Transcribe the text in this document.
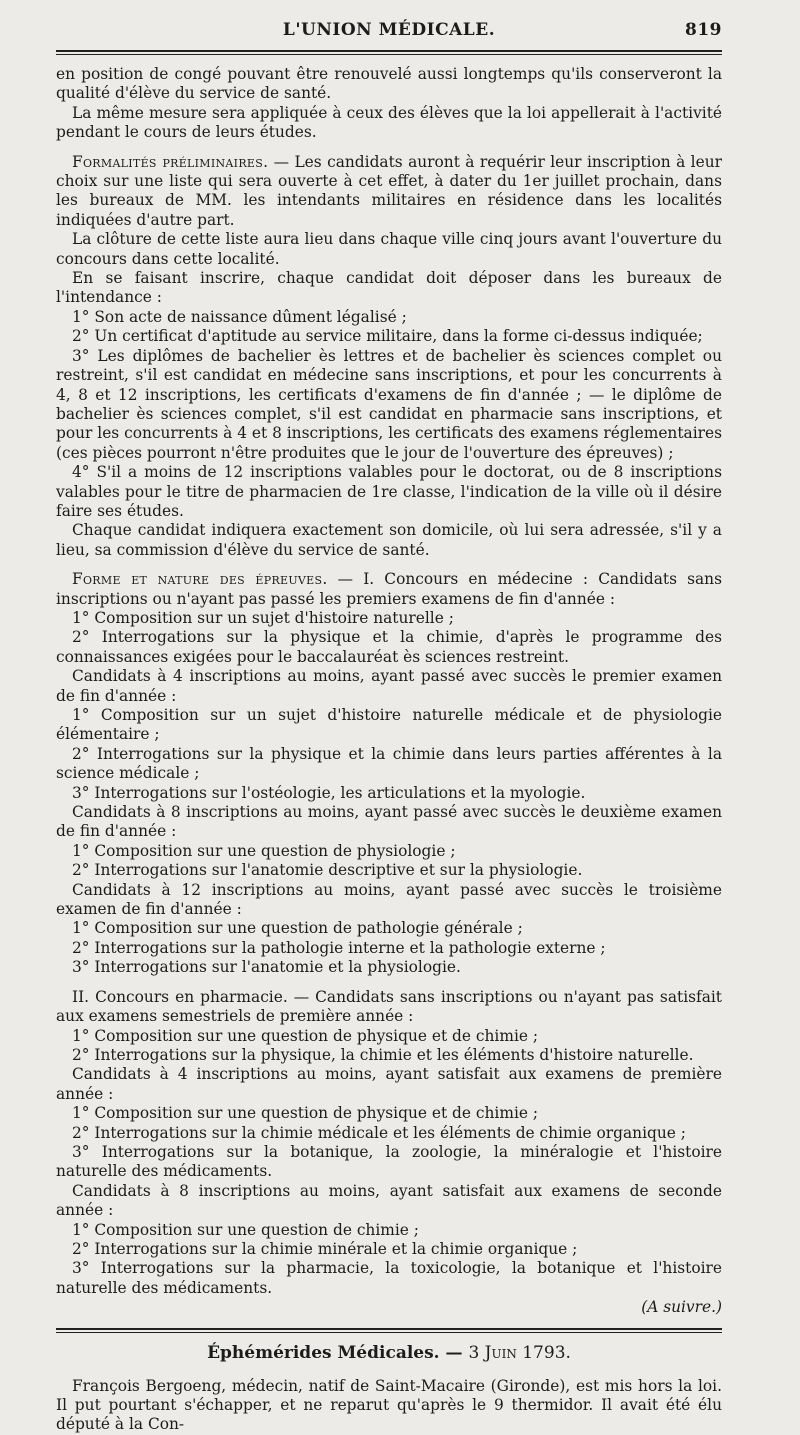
L'UNION MÉDICALE.	819

en position de congé pouvant être renouvelé aussi longtemps qu'ils conserveront la qualité d'élève du service de santé.

La même mesure sera appliquée à ceux des élèves que la loi appellerait à l'activité pendant le cours de leurs études.

Formalités préliminaires. — Les candidats auront à requérir leur inscription à leur choix sur une liste qui sera ouverte à cet effet, à dater du 1er juillet prochain, dans les bureaux de MM. les intendants militaires en résidence dans les localités indiquées d'autre part.

La clôture de cette liste aura lieu dans chaque ville cinq jours avant l'ouverture du concours dans cette localité.

En se faisant inscrire, chaque candidat doit déposer dans les bureaux de l'intendance :

1° Son acte de naissance dûment légalisé ;

2° Un certificat d'aptitude au service militaire, dans la forme ci-dessus indiquée;

3° Les diplômes de bachelier ès lettres et de bachelier ès sciences complet ou restreint, s'il est candidat en médecine sans inscriptions, et pour les concurrents à 4, 8 et 12 inscriptions, les certificats d'examens de fin d'année ; — le diplôme de bachelier ès sciences complet, s'il est candidat en pharmacie sans inscriptions, et pour les concurrents à 4 et 8 inscriptions, les certificats des examens réglementaires (ces pièces pourront n'être produites que le jour de l'ouverture des épreuves) ;

4° S'il a moins de 12 inscriptions valables pour le doctorat, ou de 8 inscriptions valables pour le titre de pharmacien de 1re classe, l'indication de la ville où il désire faire ses études.

Chaque candidat indiquera exactement son domicile, où lui sera adressée, s'il y a lieu, sa commission d'élève du service de santé.

Forme et nature des épreuves. — I. Concours en médecine : Candidats sans inscriptions ou n'ayant pas passé les premiers examens de fin d'année :

1° Composition sur un sujet d'histoire naturelle ;

2° Interrogations sur la physique et la chimie, d'après le programme des connaissances exigées pour le baccalauréat ès sciences restreint.

Candidats à 4 inscriptions au moins, ayant passé avec succès le premier examen de fin d'année :

1° Composition sur un sujet d'histoire naturelle médicale et de physiologie élémentaire ;

2° Interrogations sur la physique et la chimie dans leurs parties afférentes à la science médicale ;

3° Interrogations sur l'ostéologie, les articulations et la myologie.

Candidats à 8 inscriptions au moins, ayant passé avec succès le deuxième examen de fin d'année :

1° Composition sur une question de physiologie ;

2° Interrogations sur l'anatomie descriptive et sur la physiologie.

Candidats à 12 inscriptions au moins, ayant passé avec succès le troisième examen de fin d'année :

1° Composition sur une question de pathologie générale ;

2° Interrogations sur la pathologie interne et la pathologie externe ;

3° Interrogations sur l'anatomie et la physiologie.

II. Concours en pharmacie. — Candidats sans inscriptions ou n'ayant pas satisfait aux examens semestriels de première année :

1° Composition sur une question de physique et de chimie ;

2° Interrogations sur la physique, la chimie et les éléments d'histoire naturelle.

Candidats à 4 inscriptions au moins, ayant satisfait aux examens de première année :

1° Composition sur une question de physique et de chimie ;

2° Interrogations sur la chimie médicale et les éléments de chimie organique ;

3° Interrogations sur la botanique, la zoologie, la minéralogie et l'histoire naturelle des médicaments.

Candidats à 8 inscriptions au moins, ayant satisfait aux examens de seconde année :

1° Composition sur une question de chimie ;

2° Interrogations sur la chimie minérale et la chimie organique ;

3° Interrogations sur la pharmacie, la toxicologie, la botanique et l'histoire naturelle des médicaments.

(A suivre.)

Éphémérides Médicales. — 3 Juin 1793.
François Bergoeng, médecin, natif de Saint-Macaire (Gironde), est mis hors la loi. Il put pourtant s'échapper, et ne reparut qu'après le 9 thermidor. Il avait été élu député à la Con-
